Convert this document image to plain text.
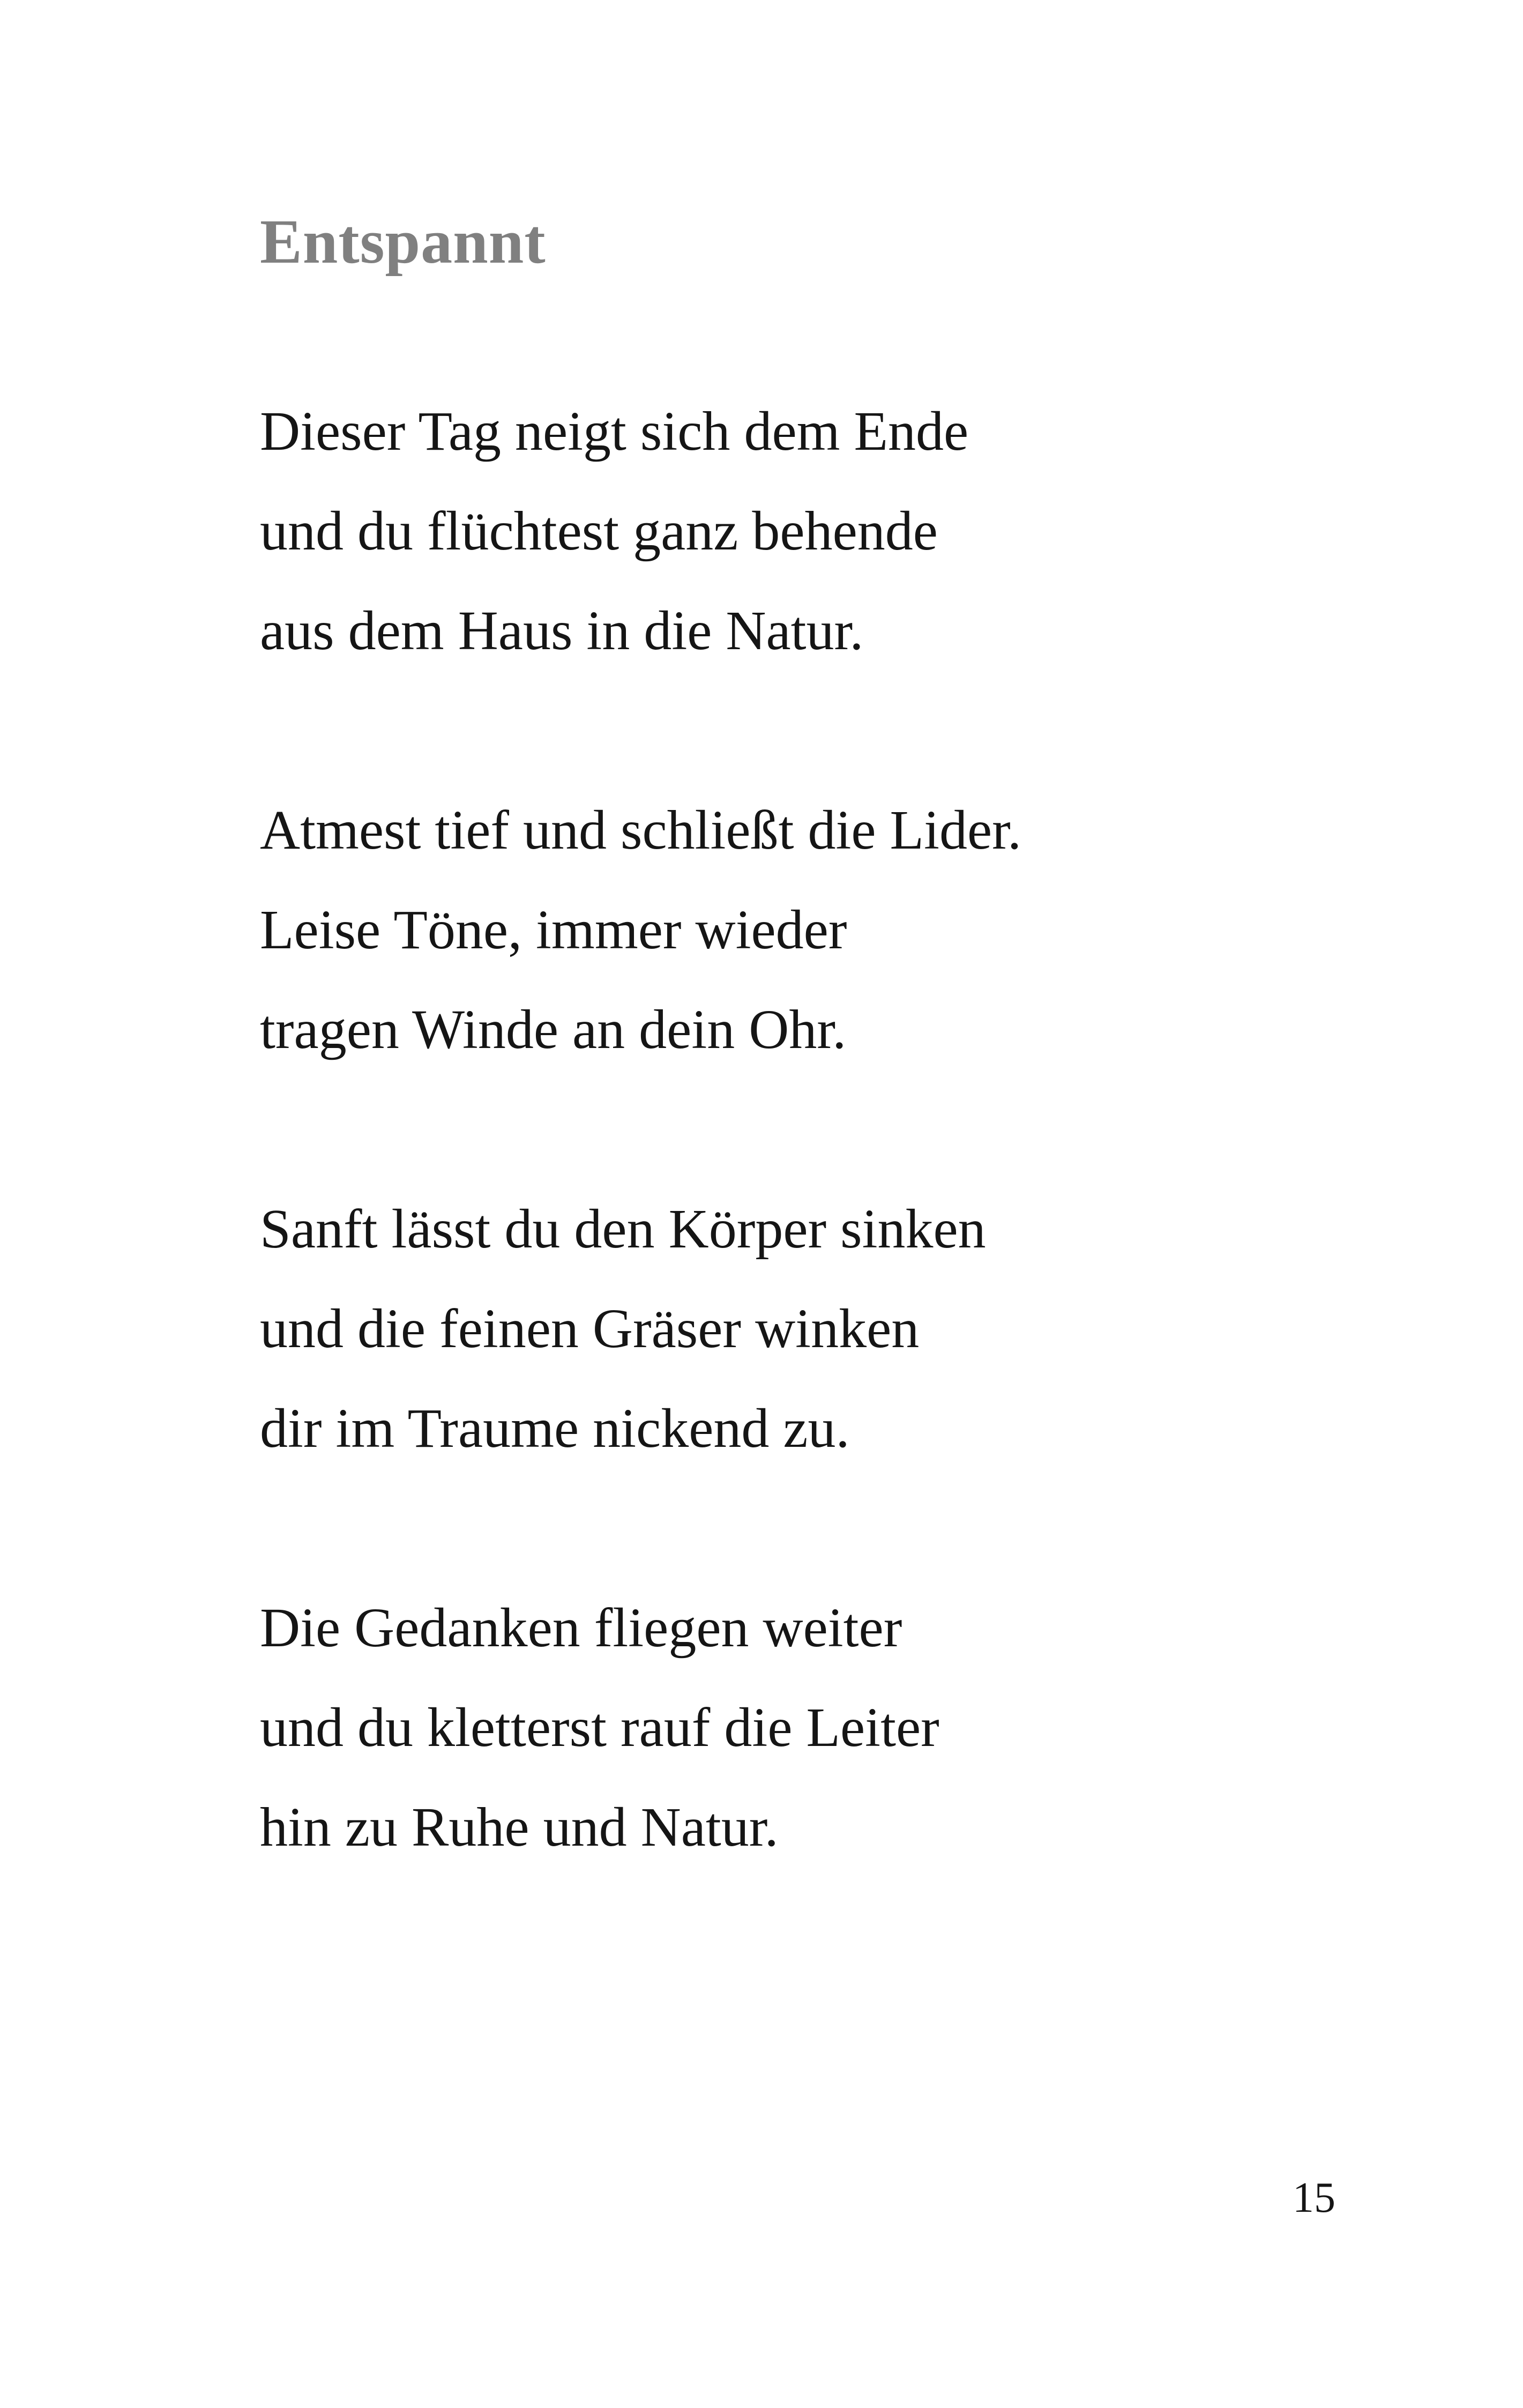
Entspannt
Dieser Tag neigt sich dem Ende
und du flüchtest ganz behende
aus dem Haus in die Natur.
Atmest tief und schließt die Lider.
Leise Töne, immer wieder
tragen Winde an dein Ohr.
Sanft lässt du den Körper sinken
und die feinen Gräser winken
dir im Traume nickend zu.
Die Gedanken fliegen weiter
und du kletterst rauf die Leiter
hin zu Ruhe und Natur.
15
